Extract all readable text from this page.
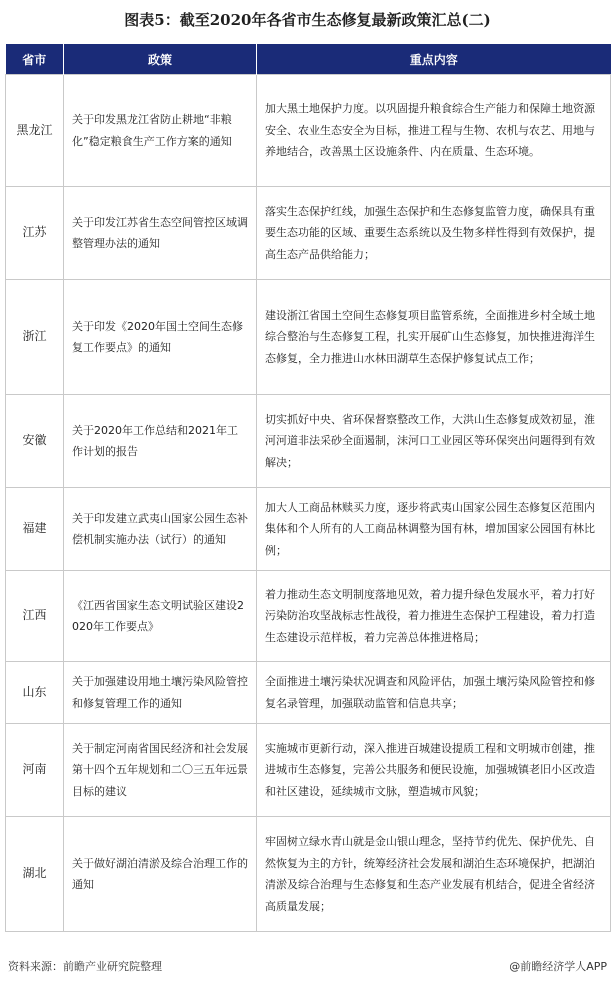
图表5：截至2020年各省市生态修复最新政策汇总(二)
省市	政策	重点内容
黑龙江	关于印发黑龙江省防止耕地“非粮化”稳定粮食生产工作方案的通知	加大黑土地保护力度。以巩固提升粮食综合生产能力和保障土地资源安全、农业生态安全为目标，推进工程与生物、农机与农艺、用地与养地结合，改善黑土区设施条件、内在质量、生态环境。
江苏	关于印发江苏省生态空间管控区域调整管理办法的通知	落实生态保护红线，加强生态保护和生态修复监管力度，确保具有重要生态功能的区域、重要生态系统以及生物多样性得到有效保护，提高生态产品供给能力；
浙江	关于印发《2020年国土空间生态修复工作要点》的通知	建设浙江省国土空间生态修复项目监管系统，全面推进乡村全域土地综合整治与生态修复工程，扎实开展矿山生态修复，加快推进海洋生态修复，全力推进山水林田湖草生态保护修复试点工作；
安徽	关于2020年工作总结和2021年工作计划的报告	切实抓好中央、省环保督察整改工作，大洪山生态修复成效初显，淮河河道非法采砂全面遏制，沫河口工业园区等环保突出问题得到有效解决；
福建	关于印发建立武夷山国家公园生态补偿机制实施办法（试行）的通知	加大人工商品林赎买力度，逐步将武夷山国家公园生态修复区范围内集体和个人所有的人工商品林调整为国有林，增加国家公园国有林比例；
江西	《江西省国家生态文明试验区建设2020年工作要点》	着力推动生态文明制度落地见效，着力提升绿色发展水平，着力打好污染防治攻坚战标志性战役，着力推进生态保护工程建设，着力打造生态建设示范样板，着力完善总体推进格局；
山东	关于加强建设用地土壤污染风险管控和修复管理工作的通知	全面推进土壤污染状况调查和风险评估，加强土壤污染风险管控和修复名录管理，加强联动监管和信息共享；
河南	关于制定河南省国民经济和社会发展第十四个五年规划和二〇三五年远景目标的建议	实施城市更新行动，深入推进百城建设提质工程和文明城市创建，推进城市生态修复，完善公共服务和便民设施，加强城镇老旧小区改造和社区建设，延续城市文脉，塑造城市风貌；
湖北	关于做好湖泊清淤及综合治理工作的通知	牢固树立绿水青山就是金山银山理念，坚持节约优先、保护优先、自然恢复为主的方针，统筹经济社会发展和湖泊生态环境保护，把湖泊清淤及综合治理与生态修复和生态产业发展有机结合，促进全省经济高质量发展；
资料来源：前瞻产业研究院整理	@前瞻经济学人APP
